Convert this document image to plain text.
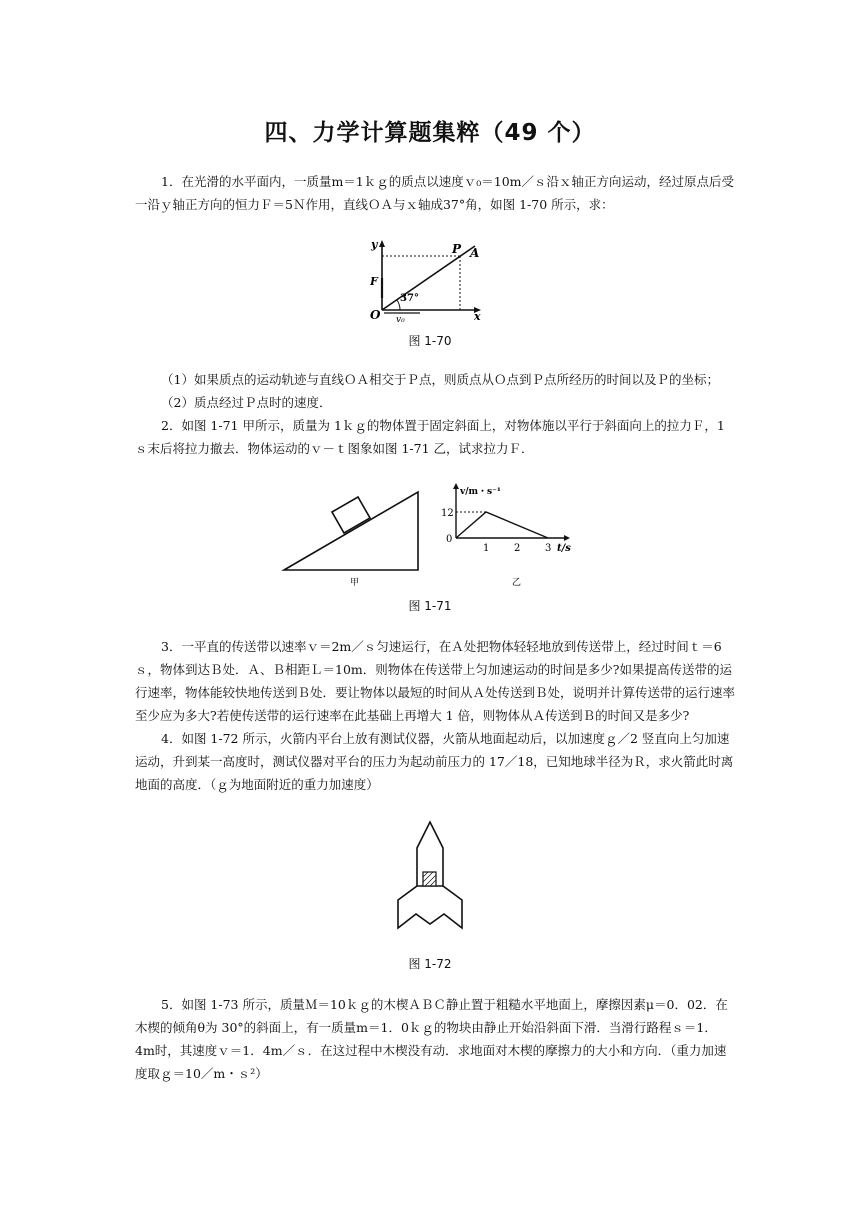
四、力学计算题集粹（49 个）

1．在光滑的水平面内，一质量m＝1ｋｇ的质点以速度ｖ₀＝10m／ｓ沿ｘ轴正方向运动，经过原点后受一沿ｙ轴正方向的恒力Ｆ＝5Ｎ作用，直线ＯＡ与ｘ轴成37°角，如图 1-70 所示，求：

y	P A
F
37°
O v₀	x
图 1-70

（1）如果质点的运动轨迹与直线ＯＡ相交于Ｐ点，则质点从Ｏ点到Ｐ点所经历的时间以及Ｐ的坐标；

（2）质点经过Ｐ点时的速度．

2．如图 1-71 甲所示，质量为 1ｋｇ的物体置于固定斜面上，对物体施以平行于斜面向上的拉力Ｆ，1ｓ末后将拉力撤去．物体运动的ｖ－ｔ图象如图 1-71 乙，试求拉力Ｆ．

甲
v/m・s⁻¹
12
0
1 2 3 t/s
乙
图 1-71

3．一平直的传送带以速率ｖ＝2m／ｓ匀速运行，在Ａ处把物体轻轻地放到传送带上，经过时间ｔ＝6ｓ，物体到达Ｂ处．Ａ、Ｂ相距Ｌ＝10m．则物体在传送带上匀加速运动的时间是多少?如果提高传送带的运行速率，物体能较快地传送到Ｂ处．要让物体以最短的时间从Ａ处传送到Ｂ处，说明并计算传送带的运行速率至少应为多大?若使传送带的运行速率在此基础上再增大 1 倍，则物体从Ａ传送到Ｂ的时间又是多少?

4．如图 1-72 所示，火箭内平台上放有测试仪器，火箭从地面起动后，以加速度ｇ／2 竖直向上匀加速运动，升到某一高度时，测试仪器对平台的压力为起动前压力的 17／18，已知地球半径为Ｒ，求火箭此时离地面的高度．（ｇ为地面附近的重力加速度）

图 1-72

5．如图 1-73 所示，质量Ｍ＝10ｋｇ的木楔ＡＢＣ静止置于粗糙水平地面上，摩擦因素μ＝0．02．在木楔的倾角θ为 30°的斜面上，有一质量m＝1．0ｋｇ的物块由静止开始沿斜面下滑．当滑行路程ｓ＝1．4m时，其速度ｖ＝1．4m／ｓ．在这过程中木楔没有动．求地面对木楔的摩擦力的大小和方向．（重力加速度取ｇ＝10／m・ｓ²）
